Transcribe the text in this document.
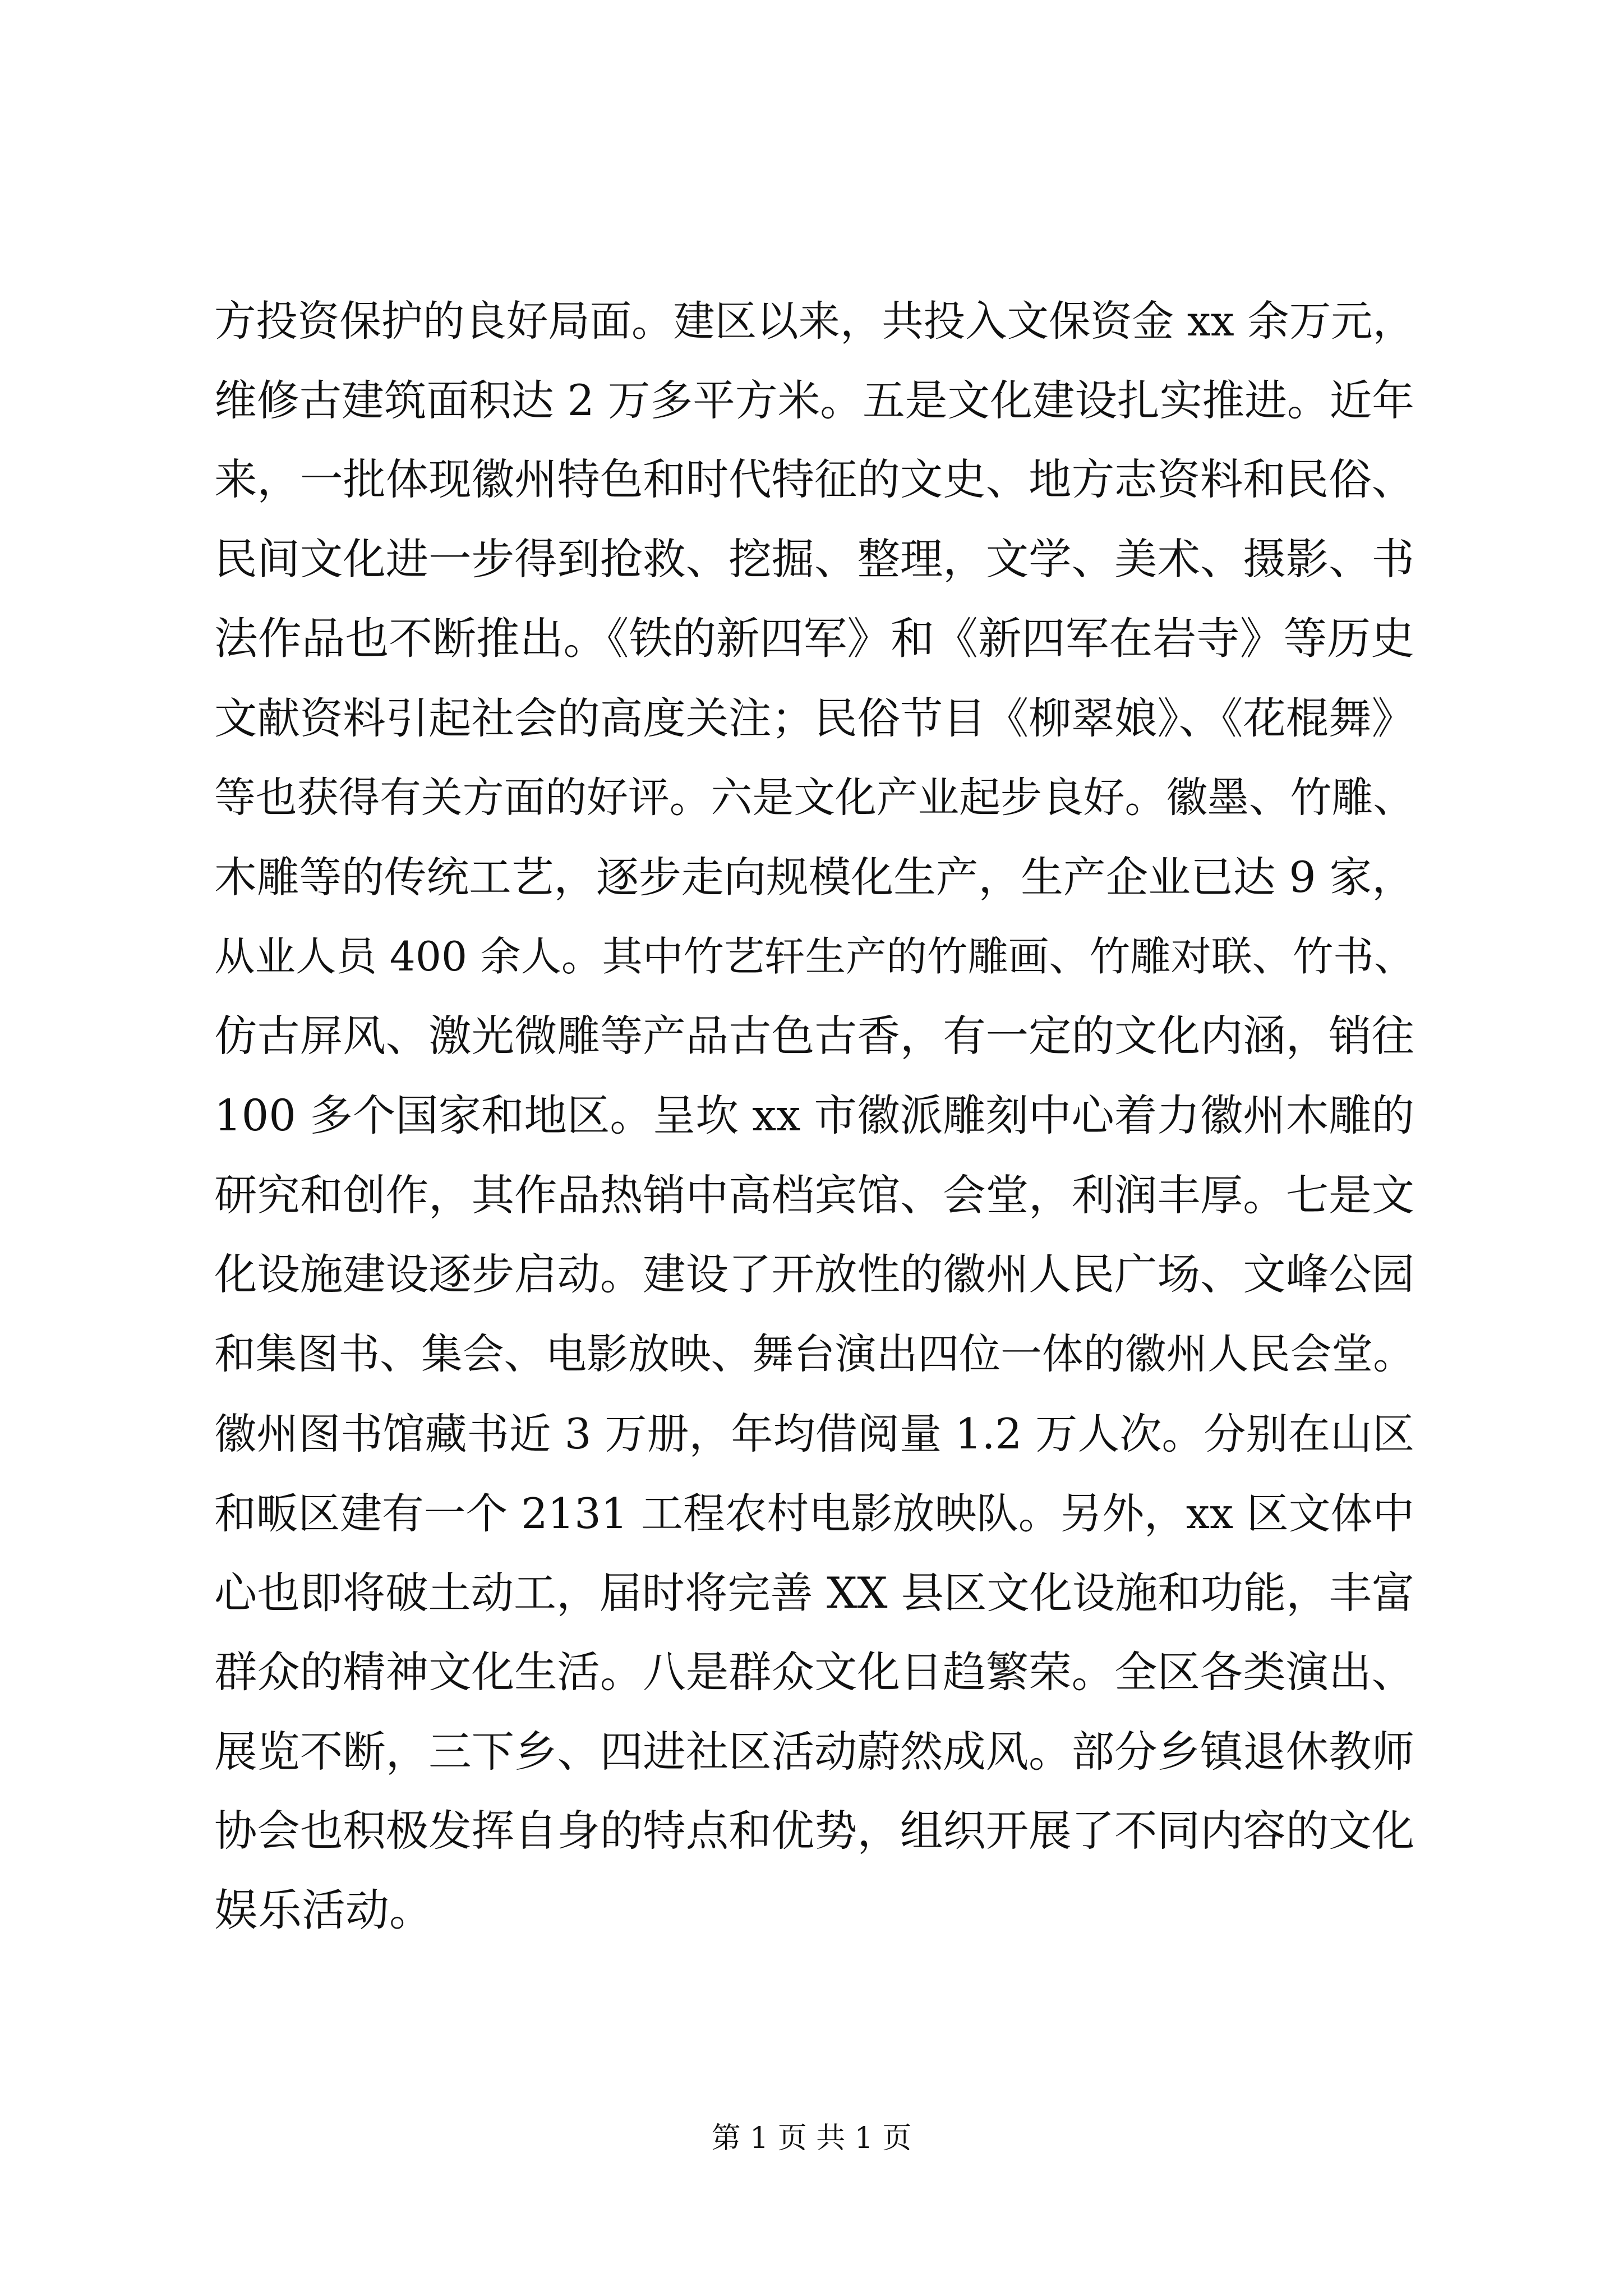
方投资保护的良好局面。建区以来，共投入文保资金 xx 余万元，
维修古建筑面积达 2 万多平方米。五是文化建设扎实推进。近年
来，一批体现徽州特色和时代特征的文史、地方志资料和民俗、
民间文化进一步得到抢救、挖掘、整理，文学、美术、摄影、书
法作品也不断推出。《铁的新四军》和《新四军在岩寺》等历史
文献资料引起社会的高度关注；民俗节目《柳翠娘》、《花棍舞》
等也获得有关方面的好评。六是文化产业起步良好。徽墨、竹雕、
木雕等的传统工艺，逐步走向规模化生产，生产企业已达 9 家，
从业人员 400 余人。其中竹艺轩生产的竹雕画、竹雕对联、竹书、
仿古屏风、激光微雕等产品古色古香，有一定的文化内涵，销往
100 多个国家和地区。呈坎 xx 市徽派雕刻中心着力徽州木雕的
研究和创作，其作品热销中高档宾馆、会堂，利润丰厚。七是文
化设施建设逐步启动。建设了开放性的徽州人民广场、文峰公园
和集图书、集会、电影放映、舞台演出四位一体的徽州人民会堂。
徽州图书馆藏书近 3 万册，年均借阅量 1.2 万人次。分别在山区
和畈区建有一个 2131 工程农村电影放映队。另外，xx 区文体中
心也即将破土动工，届时将完善 XX 县区文化设施和功能，丰富
群众的精神文化生活。八是群众文化日趋繁荣。全区各类演出、
展览不断，三下乡、四进社区活动蔚然成风。部分乡镇退休教师
协会也积极发挥自身的特点和优势，组织开展了不同内容的文化
娱乐活动。
第 1 页 共 1 页
